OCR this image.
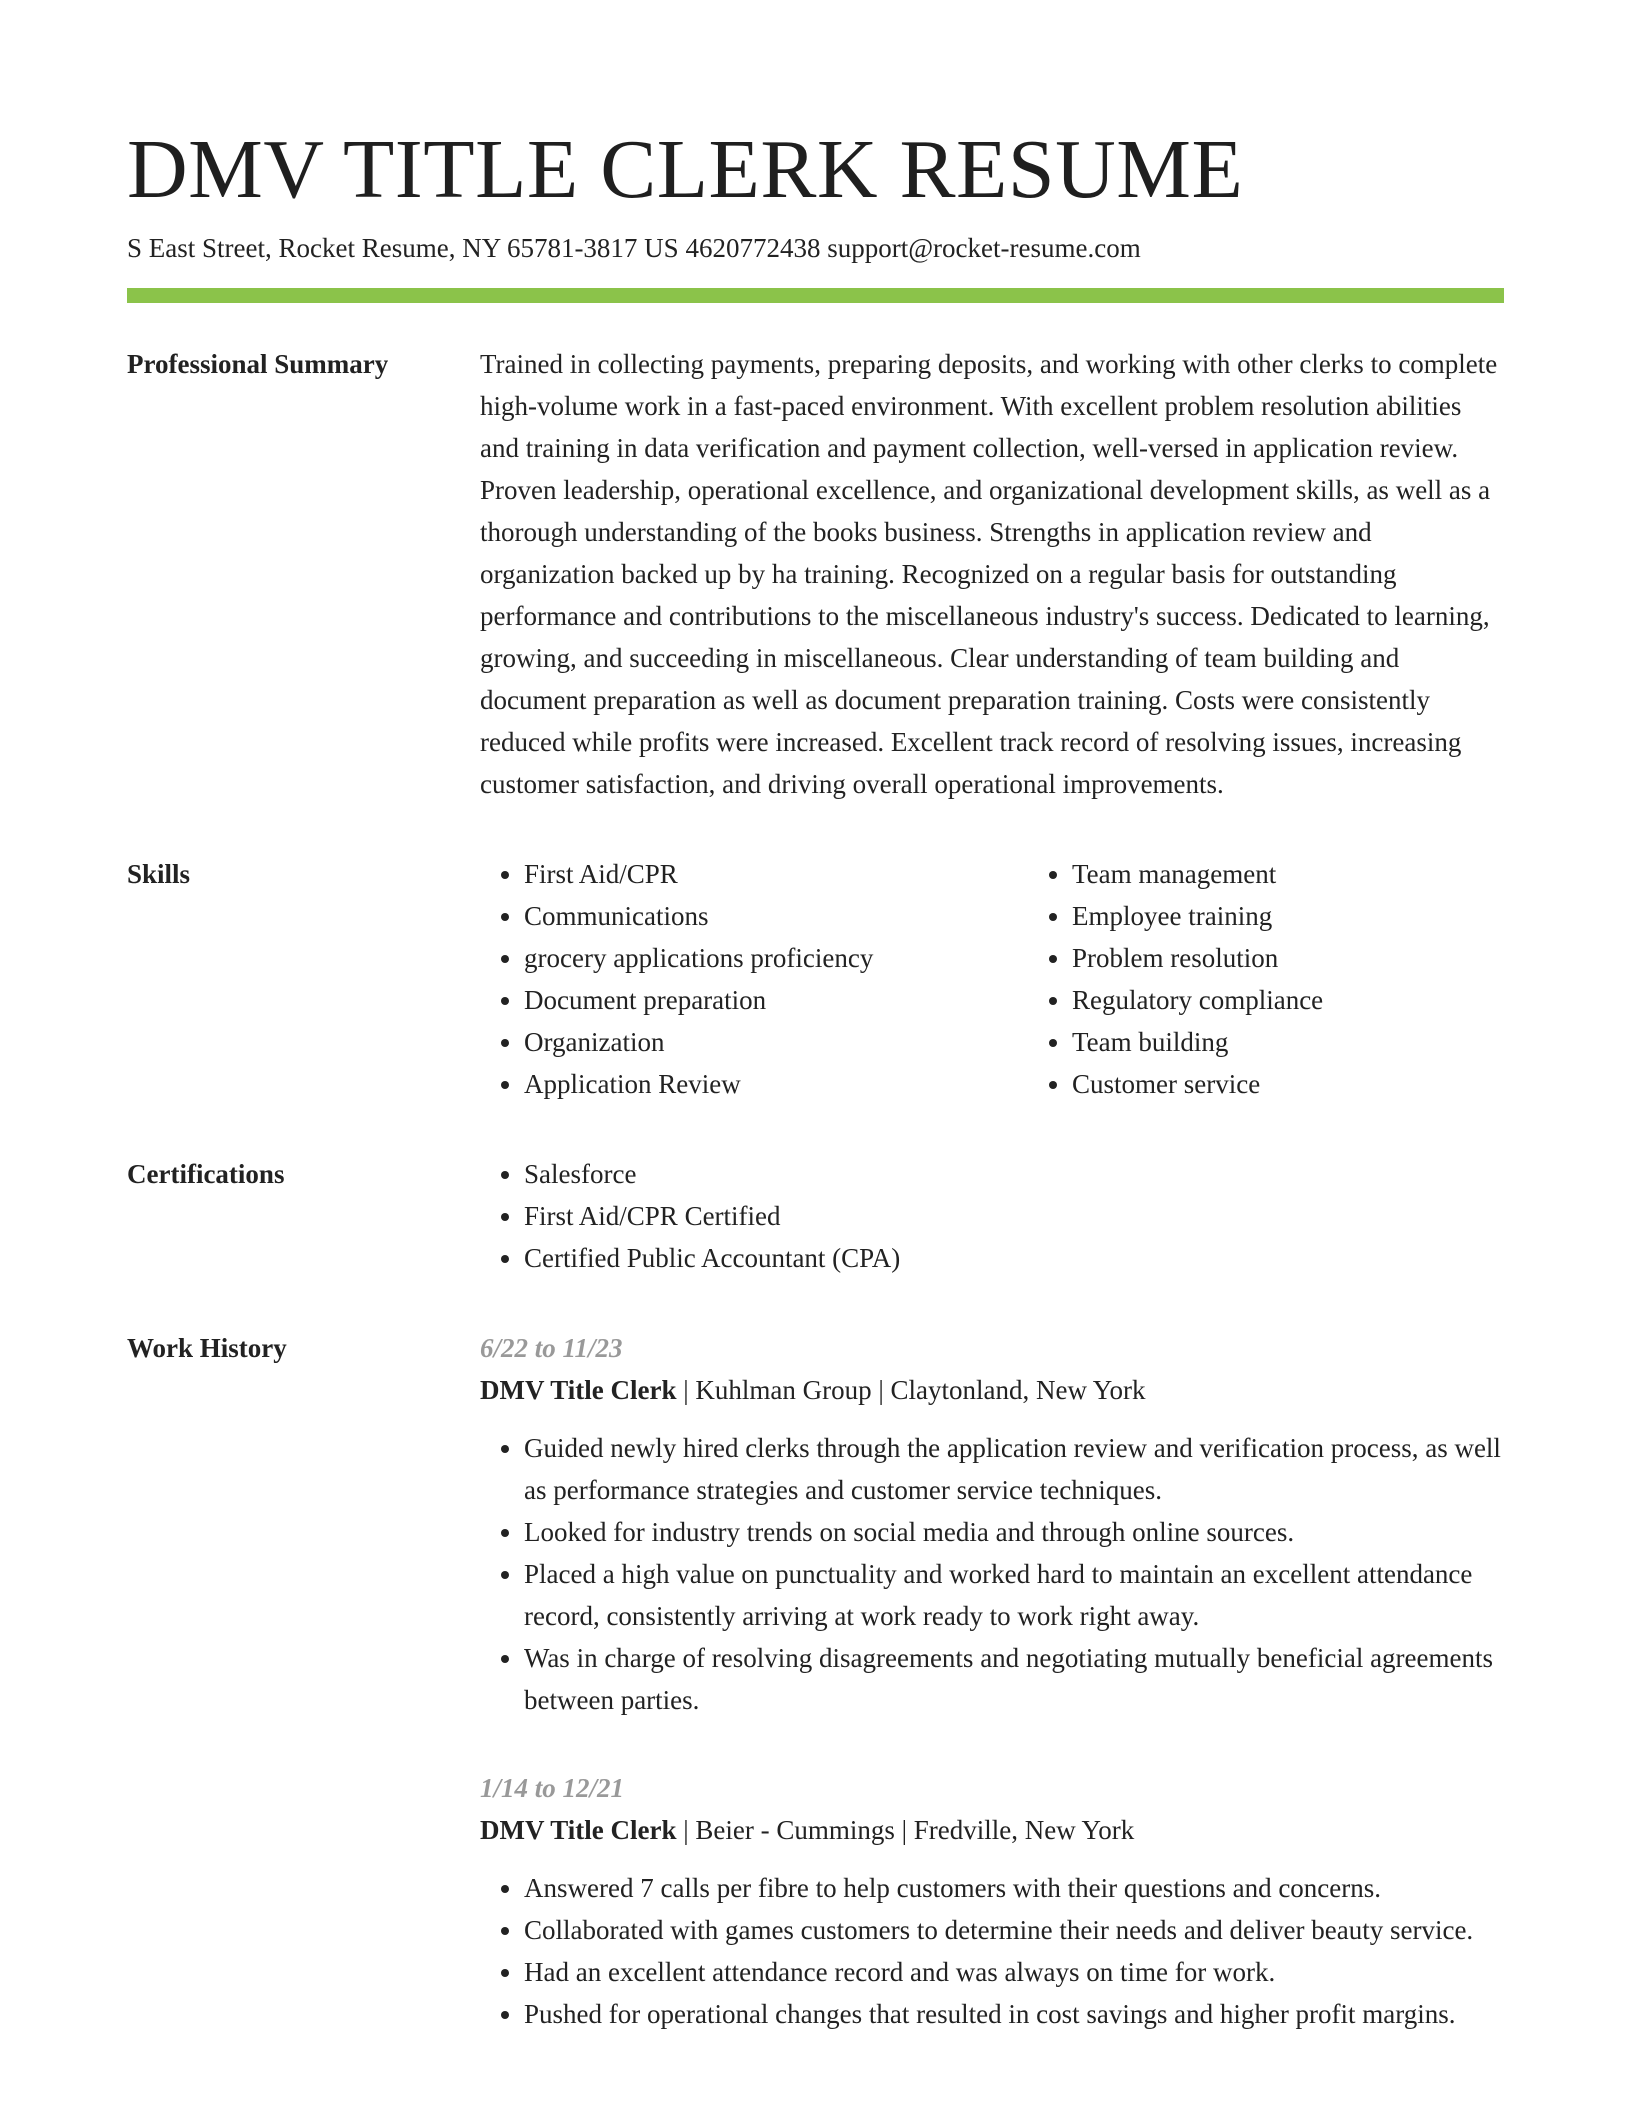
DMV TITLE CLERK RESUME
S East Street, Rocket Resume, NY 65781-3817 US 4620772438 support@rocket-resume.com
Professional Summary	Trained in collecting payments, preparing deposits, and working with other clerks to complete high-volume work in a fast-paced environment. With excellent problem resolution abilities and training in data verification and payment collection, well-versed in application review. Proven leadership, operational excellence, and organizational development skills, as well as a thorough understanding of the books business. Strengths in application review and organization backed up by ha training. Recognized on a regular basis for outstanding performance and contributions to the miscellaneous industry's success. Dedicated to learning, growing, and succeeding in miscellaneous. Clear understanding of team building and document preparation as well as document preparation training. Costs were consistently reduced while profits were increased. Excellent track record of resolving issues, increasing customer satisfaction, and driving overall operational improvements.

Skills	• First Aid/CPR
• Communications
• grocery applications proficiency
• Document preparation
• Organization
• Application Review
• Team management
• Employee training
• Problem resolution
• Regulatory compliance
• Team building
• Customer service
Certifications	• Salesforce
• First Aid/CPR Certified
• Certified Public Accountant (CPA)
Work History	6/22 to 11/23
DMV Title Clerk | Kuhlman Group | Claytonland, New York
• Guided newly hired clerks through the application review and verification process, as well as performance strategies and customer service techniques.
• Looked for industry trends on social media and through online sources.
• Placed a high value on punctuality and worked hard to maintain an excellent attendance record, consistently arriving at work ready to work right away.
• Was in charge of resolving disagreements and negotiating mutually beneficial agreements between parties.
1/14 to 12/21
DMV Title Clerk | Beier - Cummings | Fredville, New York
• Answered 7 calls per fibre to help customers with their questions and concerns.
• Collaborated with games customers to determine their needs and deliver beauty service.
• Had an excellent attendance record and was always on time for work.
• Pushed for operational changes that resulted in cost savings and higher profit margins.
